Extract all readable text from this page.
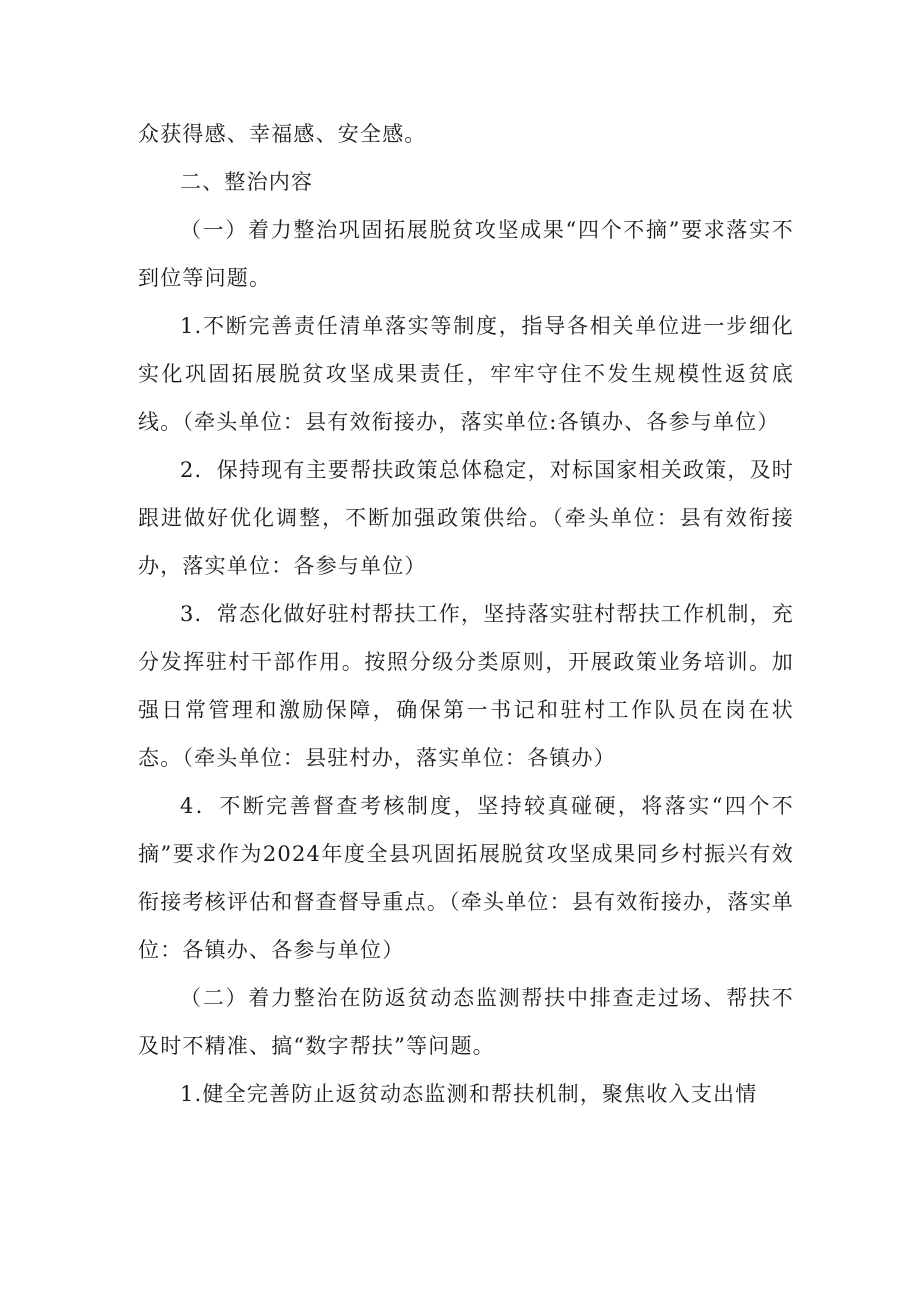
众获得感、幸福感、安全感。

二、整治内容

（一）着力整治巩固拓展脱贫攻坚成果“四个不摘”要求落实不到位等问题。

1.不断完善责任清单落实等制度，指导各相关单位进一步细化实化巩固拓展脱贫攻坚成果责任，牢牢守住不发生规模性返贫底线。（牵头单位：县有效衔接办，落实单位:各镇办、各参与单位）

2．保持现有主要帮扶政策总体稳定，对标国家相关政策，及时跟进做好优化调整，不断加强政策供给。（牵头单位：县有效衔接办，落实单位：各参与单位）

3．常态化做好驻村帮扶工作，坚持落实驻村帮扶工作机制，充分发挥驻村干部作用。按照分级分类原则，开展政策业务培训。加强日常管理和激励保障，确保第一书记和驻村工作队员在岗在状态。（牵头单位：县驻村办，落实单位：各镇办）

4．不断完善督查考核制度，坚持较真碰硬，将落实“四个不摘”要求作为2024年度全县巩固拓展脱贫攻坚成果同乡村振兴有效衔接考核评估和督查督导重点。（牵头单位：县有效衔接办，落实单位：各镇办、各参与单位）

（二）着力整治在防返贫动态监测帮扶中排查走过场、帮扶不及时不精准、搞“数字帮扶”等问题。

1.健全完善防止返贫动态监测和帮扶机制，聚焦收入支出情
